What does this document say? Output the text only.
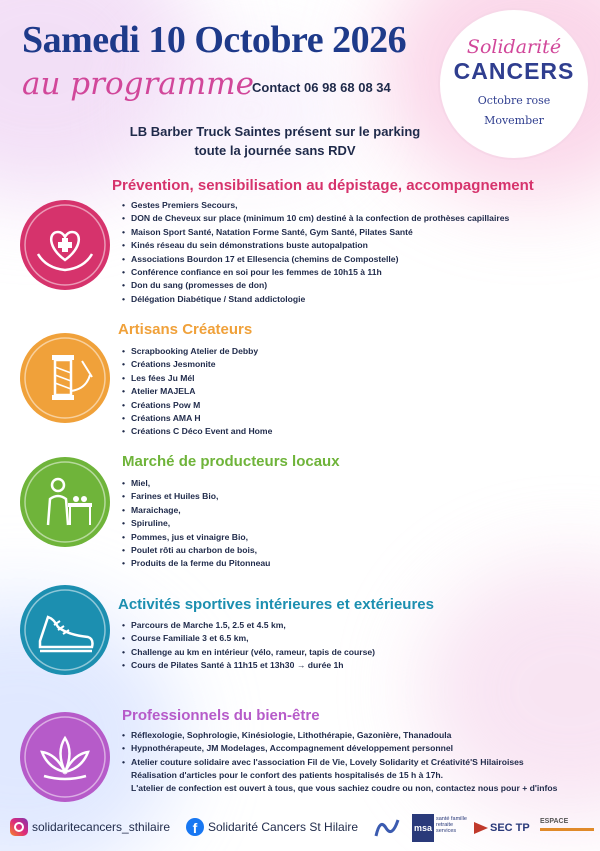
Samedi 10 Octobre 2026
au programme
Contact 06 98 68 08 34
Solidarité
CANCERS
Octobre rose
Movember
LB Barber Truck Saintes présent sur le parking
toute la journée sans RDV
Prévention, sensibilisation au dépistage, accompagnement
• Gestes Premiers Secours,
• DON de Cheveux sur place (minimum 10 cm) destiné à la confection de prothèses capillaires
• Maison Sport Santé, Natation Forme Santé, Gym Santé, Pilates Santé
• Kinés réseau du sein démonstrations buste autopalpation
• Associations Bourdon 17 et Ellesencia (chemins de Compostelle)
• Conférence confiance en soi pour les femmes de 10h15 à 11h
• Don du sang (promesses de don)
• Délégation Diabétique / Stand addictologie
Artisans Créateurs
• Scrapbooking Atelier de Debby
• Créations Jesmonite
• Les fées Ju Mél
• Atelier MAJELA
• Créations Pow M
• Créations AMA H
• Créations C Déco Event and Home
Marché de producteurs locaux
• Miel,
• Farines et Huiles Bio,
• Maraichage,
• Spiruline,
• Pommes, jus et vinaigre Bio,
• Poulet rôti au charbon de bois,
• Produits de la ferme du Pitonneau
Activités sportives intérieures et extérieures
• Parcours de Marche 1.5, 2.5 et 4.5 km,
• Course Familiale 3 et 6.5 km,
• Challenge au km en intérieur (vélo, rameur, tapis de course)
• Cours de Pilates Santé à 11h15 et 13h30 → durée 1h
Professionnels du bien-être
• Réflexologie, Sophrologie, Kinésiologie, Lithothérapie, Gazonière, Thanadoula
• Hypnothérapeute, JM Modelages, Accompagnement développement personnel
• Atelier couture solidaire avec l'association Fil de Vie, Lovely Solidarity et Créativité'S Hilairoises
Réalisation d'articles pour le confort des patients hospitalisés de 15 h à 17h.
L'atelier de confection est ouvert à tous, que vous sachiez coudre ou non, contactez nous pour + d'infos
solidaritecancers_sthilaire	f Solidarité Cancers St Hilaire	msa
santé famille retraite services	SEC TP
ESPACE
